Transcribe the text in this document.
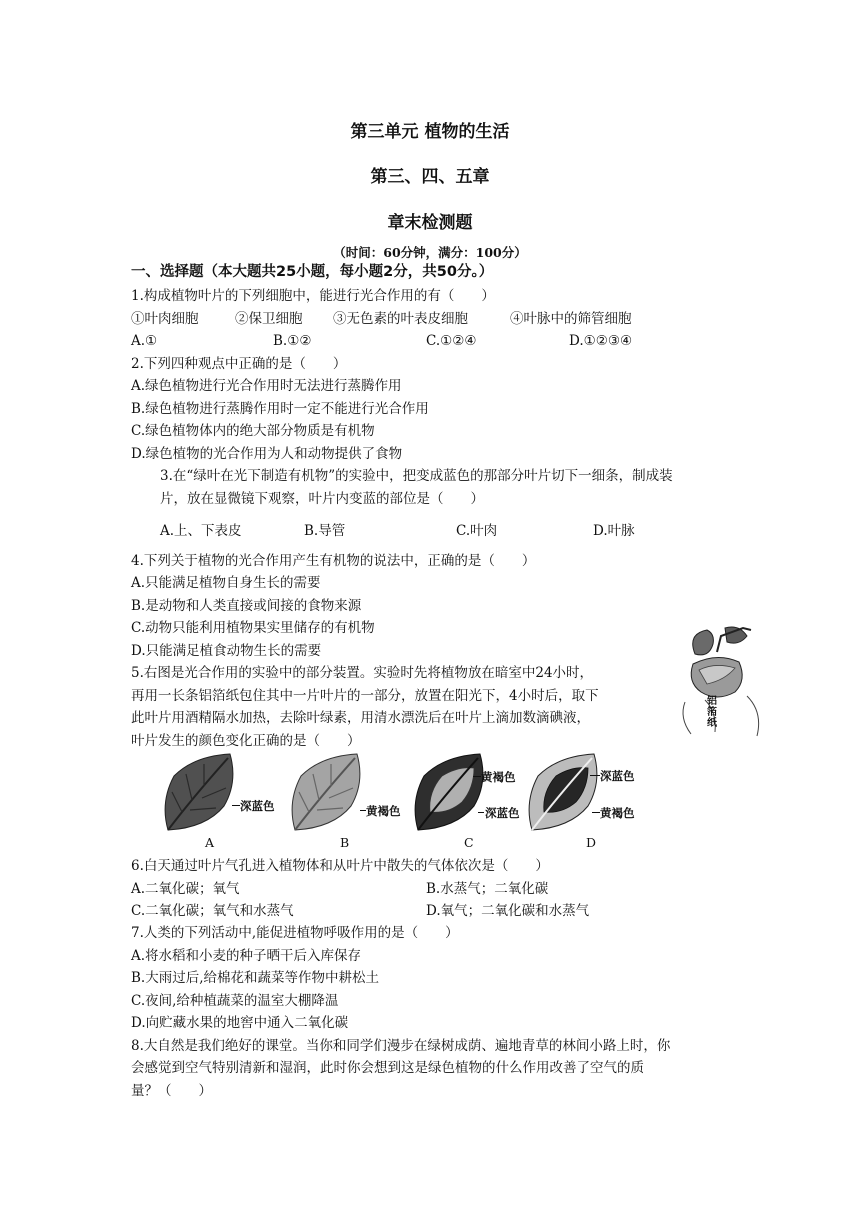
第三单元 植物的生活
第三、四、五章
章末检测题
（时间：60分钟，满分：100分）
一、选择题（本大题共25小题，每小题2分，共50分。）
1.构成植物叶片的下列细胞中，能进行光合作用的有（　　）
①叶肉细胞	②保卫细胞 ③无色素的叶表皮细胞	④叶脉中的筛管细胞
A.①	B.①②	C.①②④	D.①②③④
2.下列四种观点中正确的是（　　）
A.绿色植物进行光合作用时无法进行蒸腾作用
B.绿色植物进行蒸腾作用时一定不能进行光合作用
C.绿色植物体内的绝大部分物质是有机物
D.绿色植物的光合作用为人和动物提供了食物
3.在“绿叶在光下制造有机物”的实验中，把变成蓝色的那部分叶片切下一细条，制成装
片，放在显微镜下观察，叶片内变蓝的部位是（　　）
A.上、下表皮	B.导管	C.叶肉	D.叶脉
4.下列关于植物的光合作用产生有机物的说法中，正确的是（　　）
A.只能满足植物自身生长的需要
B.是动物和人类直接或间接的食物来源
C.动物只能利用植物果实里储存的有机物
D.只能满足植食动物生长的需要
5.右图是光合作用的实验中的部分装置。实验时先将植物放在暗室中24小时，
再用一长条铝箔纸包住其中一片叶片的一部分，放置在阳光下，4小时后，取下
此叶片用酒精隔水加热，去除叶绿素，用清水漂洗后在叶片上滴加数滴碘液，
叶片发生的颜色变化正确的是（　　）
铝箔纸
深蓝色
A
黄褐色
B
黄褐色
深蓝色
C
深蓝色
黄褐色
D
6.白天通过叶片气孔进入植物体和从叶片中散失的气体依次是（　　）
A.二氧化碳；氧气	B.水蒸气；二氧化碳
C.二氧化碳；氧气和水蒸气	D.氧气；二氧化碳和水蒸气
7.人类的下列活动中,能促进植物呼吸作用的是（　　）
A.将水稻和小麦的种子晒干后入库保存
B.大雨过后,给棉花和蔬菜等作物中耕松土
C.夜间,给种植蔬菜的温室大棚降温
D.向贮藏水果的地窖中通入二氧化碳
8.大自然是我们绝好的课堂。当你和同学们漫步在绿树成荫、遍地青草的林间小路上时，你
会感觉到空气特别清新和湿润，此时你会想到这是绿色植物的什么作用改善了空气的质
量？（　　）
